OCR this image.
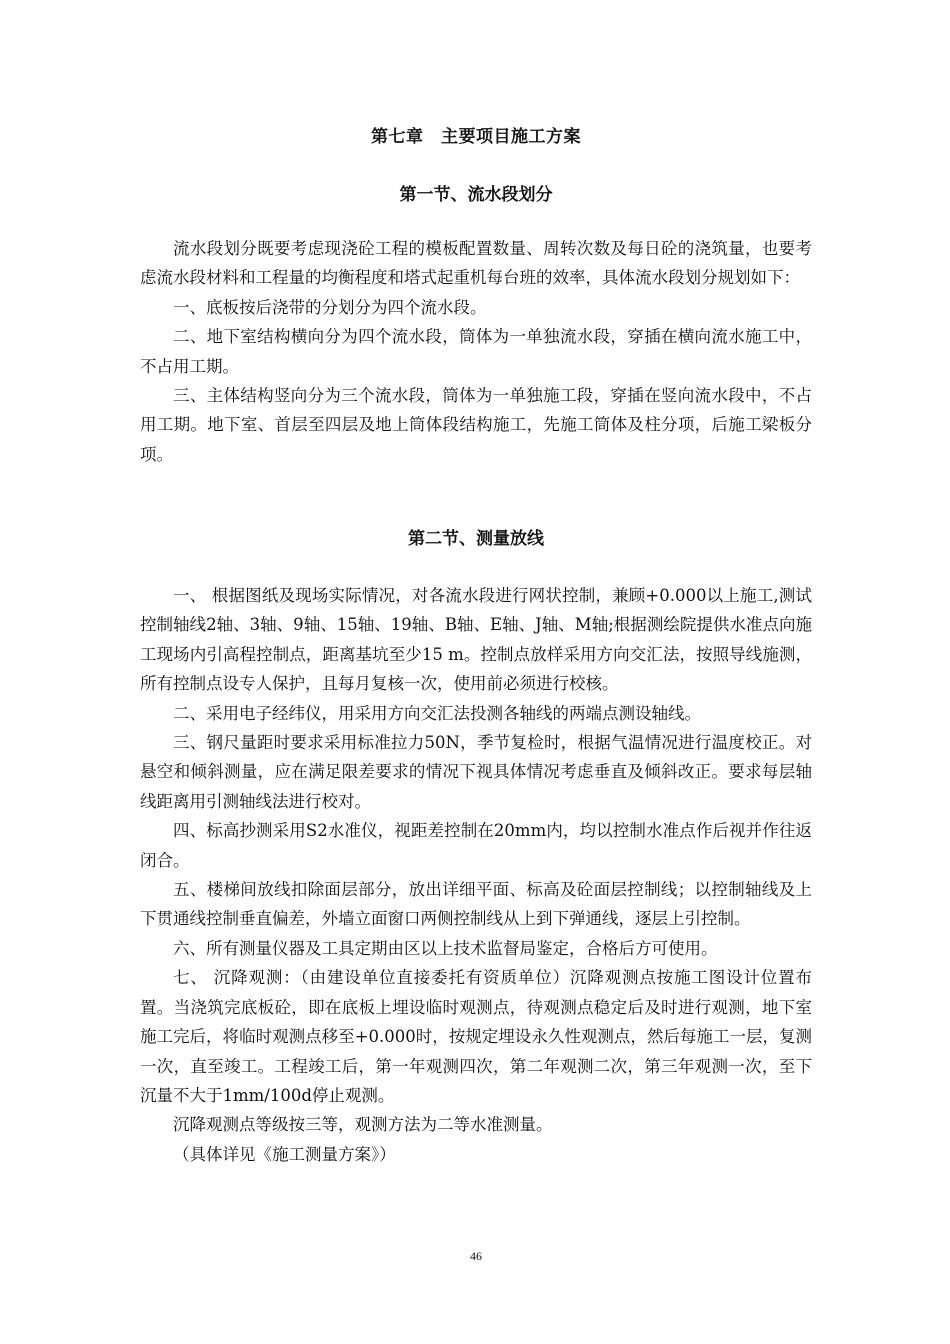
第七章　主要项目施工方案
第一节、流水段划分

流水段划分既要考虑现浇砼工程的模板配置数量、周转次数及每日砼的浇筑量，也要考虑流水段材料和工程量的均衡程度和塔式起重机每台班的效率，具体流水段划分规划如下：

一、底板按后浇带的分划分为四个流水段。

二、地下室结构横向分为四个流水段，筒体为一单独流水段，穿插在横向流水施工中，不占用工期。

三、主体结构竖向分为三个流水段，筒体为一单独施工段，穿插在竖向流水段中，不占用工期。地下室、首层至四层及地上筒体段结构施工，先施工筒体及柱分项，后施工梁板分项。

第二节、测量放线

一、 根据图纸及现场实际情况，对各流水段进行网状控制，兼顾+0.000以上施工,测试控制轴线2轴、3轴、9轴、15轴、19轴、B轴、E轴、J轴、M轴;根据测绘院提供水准点向施工现场内引高程控制点，距离基坑至少15 m。控制点放样采用方向交汇法，按照导线施测，所有控制点设专人保护，且每月复核一次，使用前必须进行校核。

二、采用电子经纬仪，用采用方向交汇法投测各轴线的两端点测设轴线。

三、钢尺量距时要求采用标准拉力50N，季节复检时，根据气温情况进行温度校正。对悬空和倾斜测量，应在满足限差要求的情况下视具体情况考虑垂直及倾斜改正。要求每层轴线距离用引测轴线法进行校对。

四、标高抄测采用S2水准仪，视距差控制在20mm内，均以控制水准点作后视并作往返闭合。

五、楼梯间放线扣除面层部分，放出详细平面、标高及砼面层控制线；以控制轴线及上下贯通线控制垂直偏差，外墙立面窗口两侧控制线从上到下弹通线，逐层上引控制。

六、所有测量仪器及工具定期由区以上技术监督局鉴定，合格后方可使用。

七、 沉降观测：（由建设单位直接委托有资质单位）沉降观测点按施工图设计位置布置。当浇筑完底板砼，即在底板上埋设临时观测点，待观测点稳定后及时进行观测，地下室施工完后，将临时观测点移至+0.000时，按规定埋设永久性观测点，然后每施工一层，复测一次，直至竣工。工程竣工后，第一年观测四次，第二年观测二次，第三年观测一次，至下沉量不大于1mm/100d停止观测。

沉降观测点等级按三等，观测方法为二等水准测量。

（具体详见《施工测量方案》）

46
